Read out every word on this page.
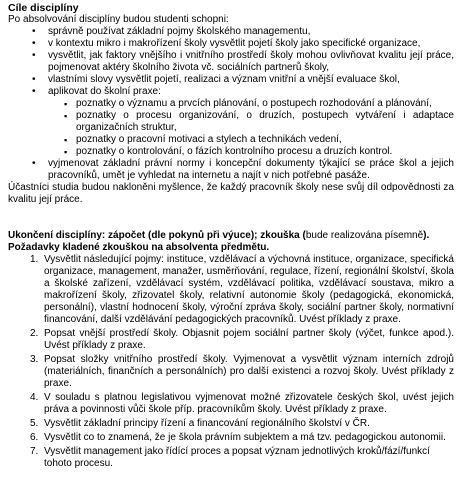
Cíle disciplíny

Po absolvování disciplíny budou studenti schopni:

• správně používat základní pojmy školského managementu,
• v kontextu mikro i makrořízení školy vysvětlit pojetí školy jako specifické organizace,
• vysvětlit, jak faktory vnějšího i vnitřního prostředí školy mohou ovlivňovat kvalitu její práce, pojmenovat aktéry školního života vč. sociálních partnerů školy,
• vlastními slovy vysvětlit pojetí, realizaci a význam vnitřní a vnější evaluace škol,
• aplikovat do školní praxe:
▪ poznatky o významu a prvcích plánování, o postupech rozhodování a plánování,
▪ poznatky o procesu organizování, o druzích, postupech vytváření i adaptace organizačních struktur,
▪ poznatky o pracovní motivaci a stylech a technikách vedení,
▪ poznatky o kontrolování, o fázích kontrolního procesu a druzích kontrol.
• vyjmenovat základní právní normy i koncepční dokumenty týkající se práce škol a jejich pracovníků, umět je vyhledat na internetu a najít v nich potřebné pasáže.

Účastníci studia budou nakloněni myšlence, že každý pracovník školy nese svůj díl odpovědnosti za kvalitu její práce.

Ukončení disciplíny: zápočet (dle pokynů při výuce); zkouška (bude realizována písemně).

Požadavky kladené zkouškou na absolventa předmětu.

1. Vysvětlit následující pojmy: instituce, vzdělávací a výchovná instituce, organizace, specifická organizace, management, manažer, usměrňování, regulace, řízení, regionální školství, škola a školské zařízení, vzdělávací systém, vzdělávací politika, vzdělávací soustava, mikro a makrořízení školy, zřizovatel školy, relativní autonomie školy (pedagogická, ekonomická, personální), vlastní hodnocení školy, výroční zpráva školy, sociální partner školy, normativní financování, další vzdělávání pedagogických pracovníků. Uvést příklady z praxe.
2. Popsat vnější prostředí školy. Objasnit pojem sociální partner školy (výčet, funkce apod.). Uvést příklady z praxe.
3. Popsat složky vnitřního prostředí školy. Vyjmenovat a vysvětlit význam interních zdrojů (materiálních, finančních a personálních) pro další existenci a rozvoj školy. Uvést příklady z praxe.
4. V souladu s platnou legislativou vyjmenovat možné zřizovatele českých škol, uvést jejich práva a povinnosti vůči škole příp. pracovníkům školy. Uvést příklady z praxe.
5. Vysvětlit základní principy řízení a financování regionálního školství v ČR.
6. Vysvětlit co to znamená, že je škola právním subjektem a má tzv. pedagogickou autonomii.
7. Vysvětlit management jako řídící proces a popsat význam jednotlivých kroků/fází/funkcí tohoto procesu.
